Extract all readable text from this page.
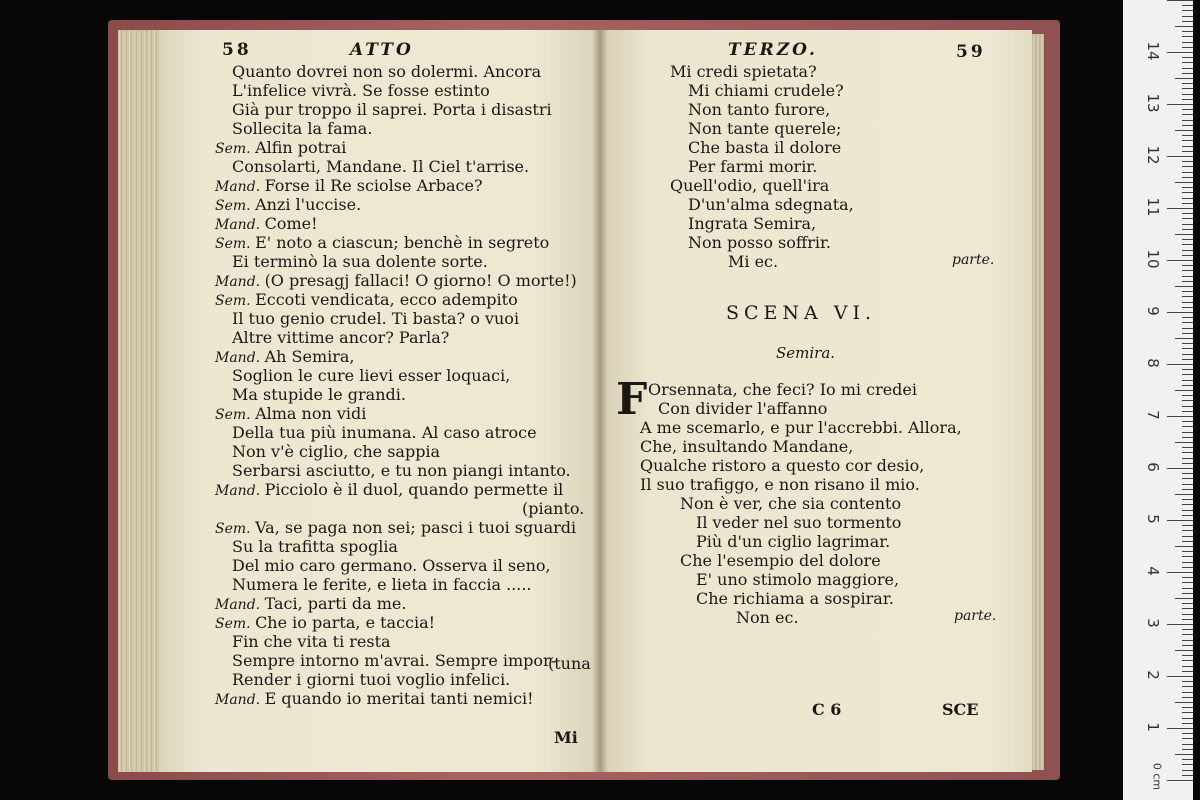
58	ATTO
Quanto dovrei non so dolermi. Ancora
L'infelice vivrà. Se fosse estinto
Già pur troppo il saprei. Porta i disastri
Sollecita la fama.
Sem. Alfin potrai
Consolarti, Mandane. Il Ciel t'arrise.
Mand. Forse il Re sciolse Arbace?
Sem. Anzi l'uccise.
Mand. Come!
Sem. E' noto a ciascun; benchè in segreto
Ei terminò la sua dolente sorte.
Mand. (O presagj fallaci! O giorno! O morte!)
Sem. Eccoti vendicata, ecco adempito
Il tuo genio crudel. Ti basta? o vuoi
Altre vittime ancor? Parla?
Mand. Ah Semira,
Soglion le cure lievi esser loquaci,
Ma stupide le grandi.
Sem. Alma non vidi
Della tua più inumana. Al caso atroce
Non v'è ciglio, che sappia
Serbarsi asciutto, e tu non piangi intanto.
Mand. Picciolo è il duol, quando permette il
(pianto.
Sem. Va, se paga non sei; pasci i tuoi sguardi
Su la trafitta spoglia
Del mio caro germano. Osserva il seno,
Numera le ferite, e lieta in faccia .....
Mand. Taci, parti da me.
Sem. Che io parta, e taccia!
Fin che vita ti resta
Sempre intorno m'avrai. Sempre impor-
Render i giorni tuoi voglio infelici.
Mand. E quando io meritai tanti nemici!
(tuna
Mi
TERZO.	59
Mi credi spietata?
Mi chiami crudele?
Non tanto furore,
Non tante querele;
Che basta il dolore
Per farmi morir.
Quell'odio, quell'ira
D'un'alma sdegnata,
Ingrata Semira,
Non posso soffrir.
Mi ec.	parte.
SCENA VI.
Semira.
F Orsennata, che feci? Io mi credei
Con divider l'affanno
A me scemarlo, e pur l'accrebbi. Allora,
Che, insultando Mandane,
Qualche ristoro a questo cor desio,
Il suo trafiggo, e non risano il mio.
Non è ver, che sia contento
Il veder nel suo tormento
Più d'un ciglio lagrimar.
Che l'esempio del dolore
E' uno stimolo maggiore,
Che richiama a sospirar.
Non ec.	parte.
C 6	SCE
0 cm
1
2
3
4
5
6
7
8
9
10
11
12
13
14
